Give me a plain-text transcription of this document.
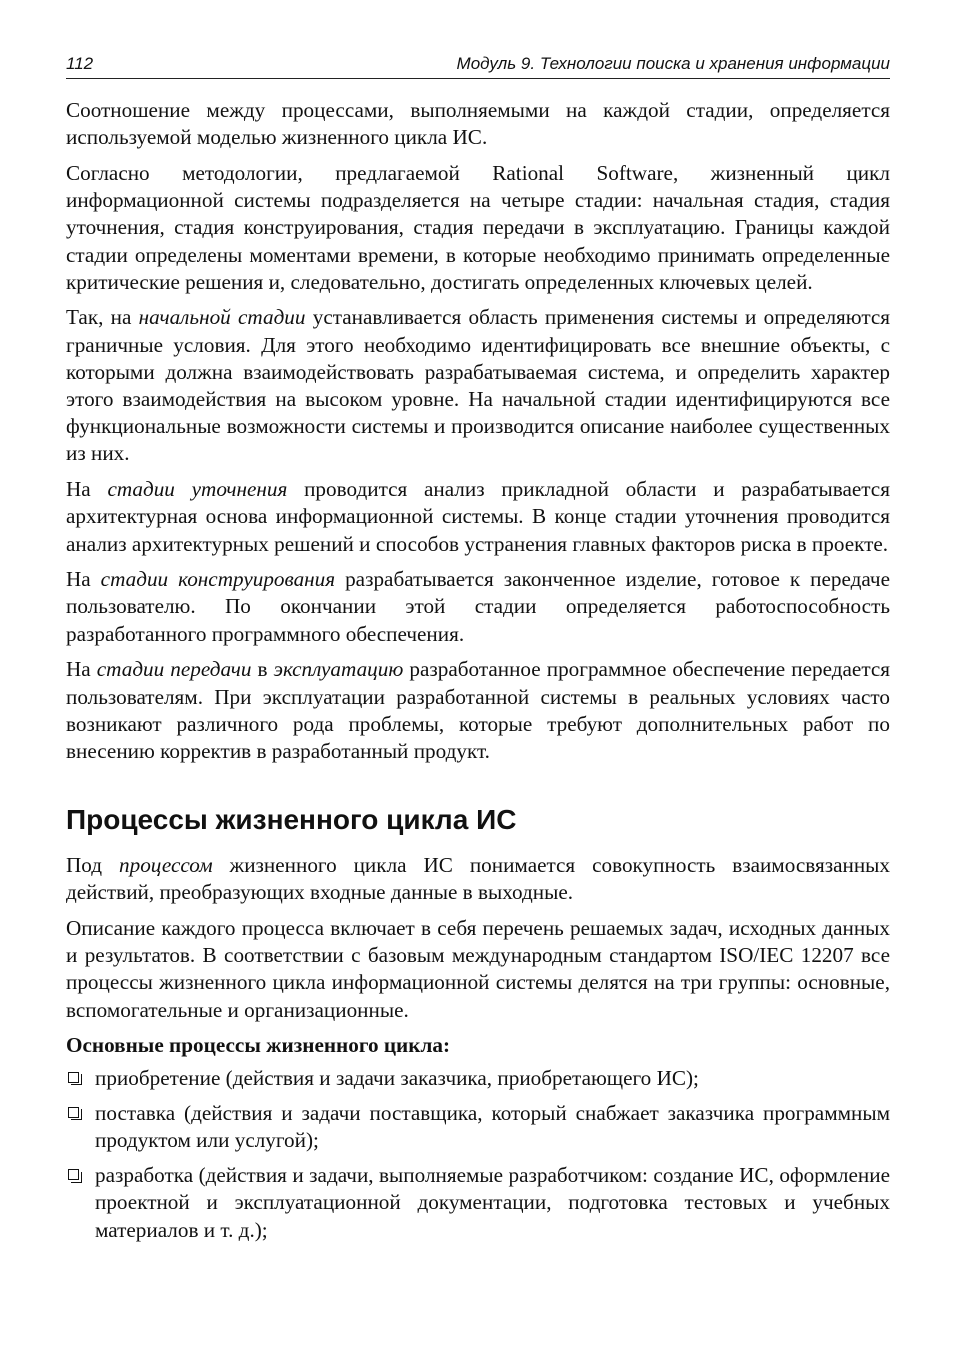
112	Модуль 9. Технологии поиска и хранения информации

Соотношение между процессами, выполняемыми на каждой стадии, определяется используемой моделью жизненного цикла ИС.

Согласно методологии, предлагаемой Rational Software, жизненный цикл информационной системы подразделяется на четыре стадии: начальная стадия, стадия уточнения, стадия конструирования, стадия передачи в эксплуатацию. Границы каждой стадии определены моментами времени, в которые необходимо принимать определенные критические решения и, следовательно, достигать определенных ключевых целей.

Так, на начальной стадии устанавливается область применения системы и определяются граничные условия. Для этого необходимо идентифицировать все внешние объекты, с которыми должна взаимодействовать разрабатываемая система, и определить характер этого взаимодействия на высоком уровне. На начальной стадии идентифицируются все функциональные возможности системы и производится описание наиболее существенных из них.

На стадии уточнения проводится анализ прикладной области и разрабатывается архитектурная основа информационной системы. В конце стадии уточнения проводится анализ архитектурных решений и способов устранения главных факторов риска в проекте.

На стадии конструирования разрабатывается законченное изделие, готовое к передаче пользователю. По окончании этой стадии определяется работоспособность разработанного программного обеспечения.

На стадии передачи в эксплуатацию разработанное программное обеспечение передается пользователям. При эксплуатации разработанной системы в реальных условиях часто возникают различного рода проблемы, которые требуют дополнительных работ по внесению корректив в разработанный продукт.

Процессы жизненного цикла ИС

Под процессом жизненного цикла ИС понимается совокупность взаимосвязанных действий, преобразующих входные данные в выходные.

Описание каждого процесса включает в себя перечень решаемых задач, исходных данных и результатов. В соответствии с базовым международным стандартом ISO/IEC 12207 все процессы жизненного цикла информационной системы делятся на три группы: основные, вспомогательные и организационные.

Основные процессы жизненного цикла:
приобретение (действия и задачи заказчика, приобретающего ИС);
поставка (действия и задачи поставщика, который снабжает заказчика программным продуктом или услугой);
разработка (действия и задачи, выполняемые разработчиком: создание ИС, оформление проектной и эксплуатационной документации, подготовка тестовых и учебных материалов и т. д.);
